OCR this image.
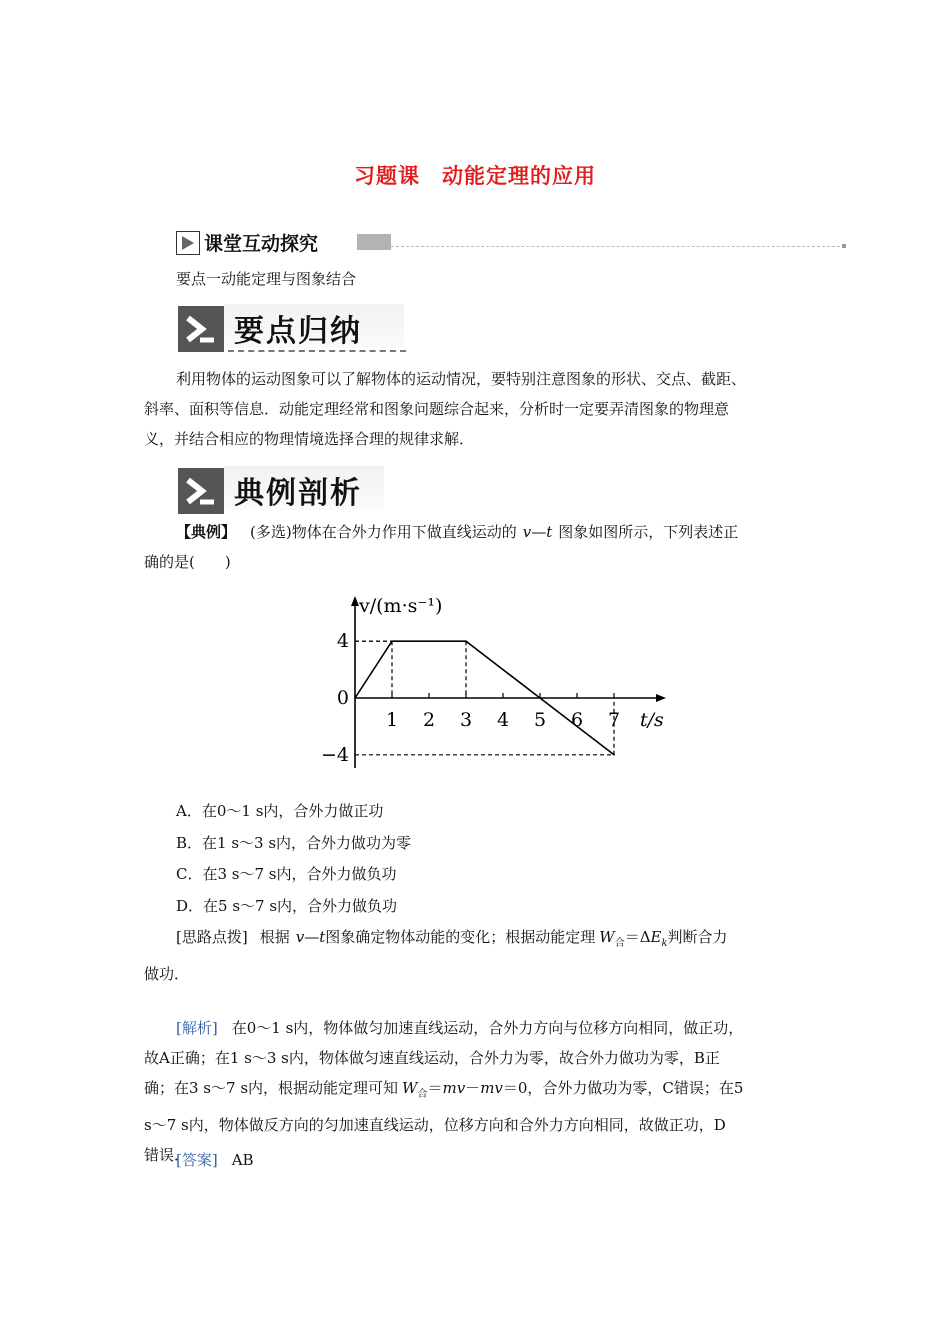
习题课　动能定理的应用
课堂互动探究
要点一动能定理与图象结合
要点归纳
利用物体的运动图象可以了解物体的运动情况，要特别注意图象的形状、交点、截距、
斜率、面积等信息．动能定理经常和图象问题综合起来，分析时一定要弄清图象的物理意
义，并结合相应的物理情境选择合理的规律求解．
典例剖析
【典例】 (多选)物体在合外力作用下做直线运动的 v—t 图象如图所示，下列表述正
确的是(　　)
v/(m·s⁻¹)
t/s
4
0
−4
1 2 3 4 5 6 7
A．在0～1 s内，合外力做正功
B．在1 s～3 s内，合外力做功为零
C．在3 s～7 s内，合外力做负功
D．在5 s～7 s内，合外力做负功
[思路点拨] 根据 v—t图象确定物体动能的变化；根据动能定理 $W_合=\Delta E_k$判断合力
做功．
[解析] 在0～1 s内，物体做匀加速直线运动，合外力方向与位移方向相同，做正功，
故A正确；在1 s～3 s内，物体做匀速直线运动，合外力为零，故合外力做功为零，B正
确；在3 s～7 s内，根据动能定理可知 $W_合=mv-mv=0$，合外力做功为零，C错误；在5
s～7 s内，物体做反方向的匀加速直线运动，位移方向和合外力方向相同，故做正功，D
错误．
[答案] AB
